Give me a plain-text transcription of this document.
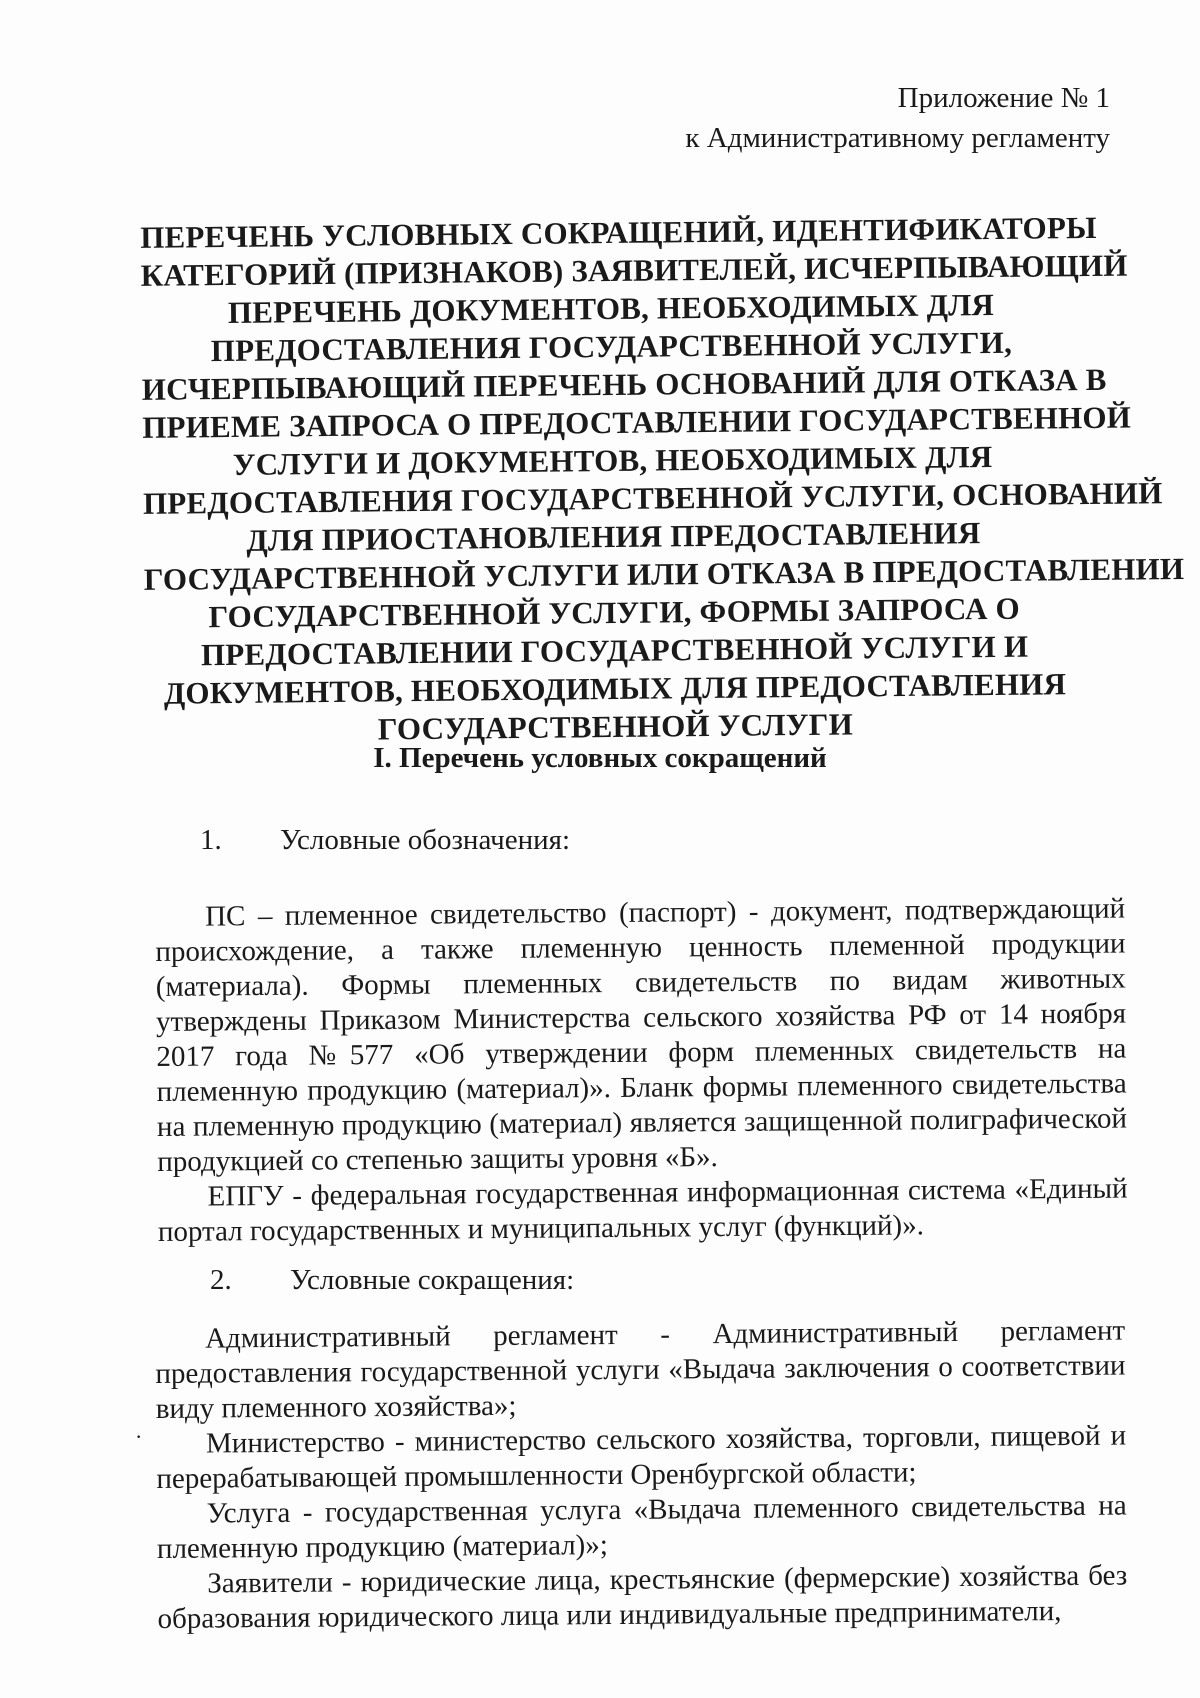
Приложение № 1
к Административному регламенту
ПЕРЕЧЕНЬ УСЛОВНЫХ СОКРАЩЕНИЙ, ИДЕНТИФИКАТОРЫ
КАТЕГОРИЙ (ПРИЗНАКОВ) ЗАЯВИТЕЛЕЙ, ИСЧЕРПЫВАЮЩИЙ
ПЕРЕЧЕНЬ ДОКУМЕНТОВ, НЕОБХОДИМЫХ ДЛЯ
ПРЕДОСТАВЛЕНИЯ ГОСУДАРСТВЕННОЙ УСЛУГИ,
ИСЧЕРПЫВАЮЩИЙ ПЕРЕЧЕНЬ ОСНОВАНИЙ ДЛЯ ОТКАЗА В
ПРИЕМЕ ЗАПРОСА О ПРЕДОСТАВЛЕНИИ ГОСУДАРСТВЕННОЙ
УСЛУГИ И ДОКУМЕНТОВ, НЕОБХОДИМЫХ ДЛЯ
ПРЕДОСТАВЛЕНИЯ ГОСУДАРСТВЕННОЙ УСЛУГИ, ОСНОВАНИЙ
ДЛЯ ПРИОСТАНОВЛЕНИЯ ПРЕДОСТАВЛЕНИЯ
ГОСУДАРСТВЕННОЙ УСЛУГИ ИЛИ ОТКАЗА В ПРЕДОСТАВЛЕНИИ
ГОСУДАРСТВЕННОЙ УСЛУГИ, ФОРМЫ ЗАПРОСА О
ПРЕДОСТАВЛЕНИИ ГОСУДАРСТВЕННОЙ УСЛУГИ И
ДОКУМЕНТОВ, НЕОБХОДИМЫХ ДЛЯ ПРЕДОСТАВЛЕНИЯ
ГОСУДАРСТВЕННОЙ УСЛУГИ
I. Перечень условных сокращений
1. Условные обозначения:

ПС – племенное свидетельство (паспорт) - документ, подтверждающий происхождение, а также племенную ценность племенной продукции (материала). Формы племенных свидетельств по видам животных утверждены Приказом Министерства сельского хозяйства РФ от 14 ноября 2017 года №577 «Об утверждении форм племенных свидетельств на племенную продукцию (материал)». Бланк формы племенного свидетельства на племенную продукцию (материал) является защищенной полиграфической продукцией со степенью защиты уровня «Б».

ЕПГУ - федеральная государственная информационная система «Единый портал государственных и муниципальных услуг (функций)».

2. Условные сокращения:

Административный регламент - Административный регламент предоставления государственной услуги «Выдача заключения о соответствии виду племенного хозяйства»;

Министерство - министерство сельского хозяйства, торговли, пищевой и перерабатывающей промышленности Оренбургской области;

Услуга - государственная услуга «Выдача племенного свидетельства на племенную продукцию (материал)»;

Заявители - юридические лица, крестьянские (фермерские) хозяйства без образования юридического лица или индивидуальные предприниматели,

·
